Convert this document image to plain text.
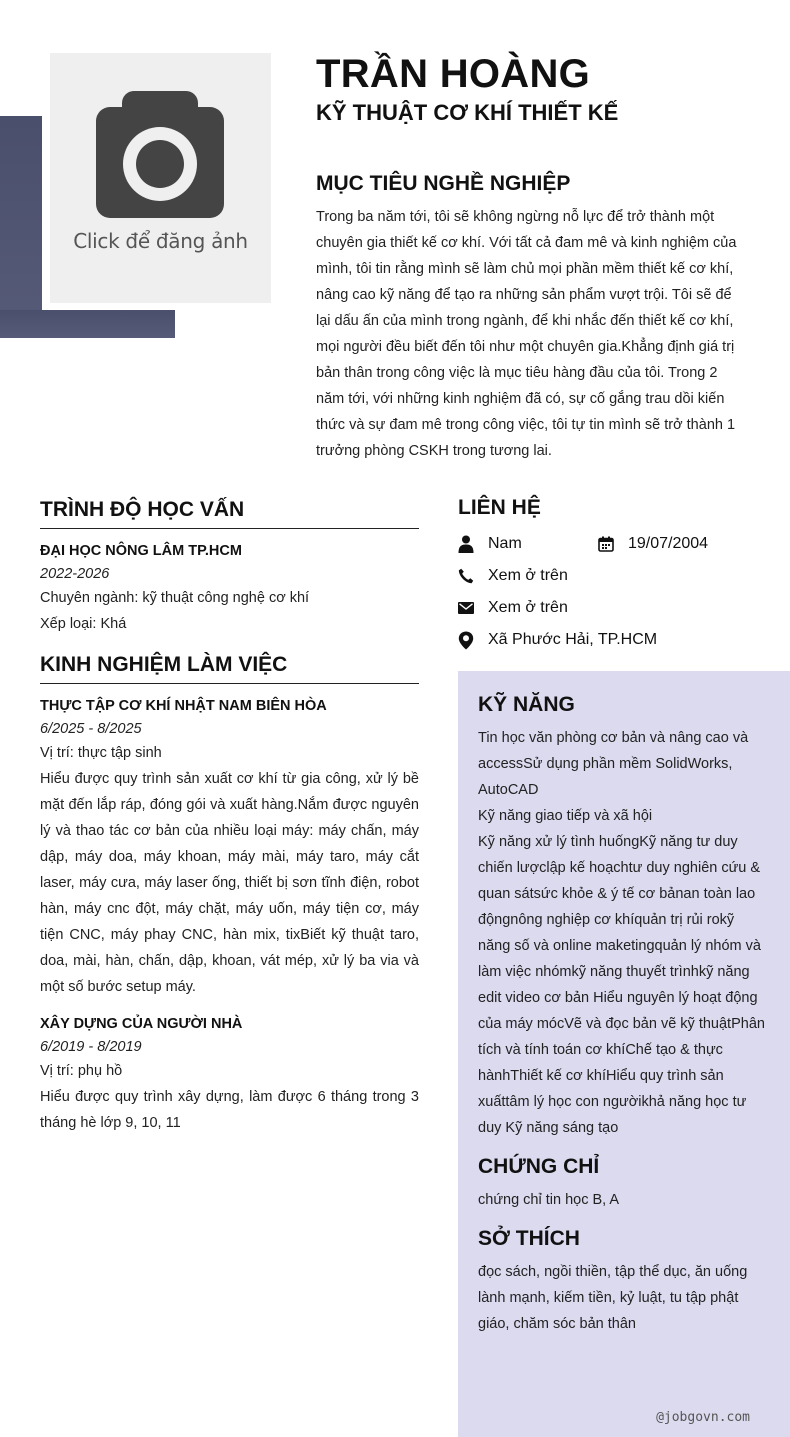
Click để đăng ảnh
TRẦN HOÀNG
KỸ THUẬT CƠ KHÍ THIẾT KẾ
MỤC TIÊU NGHỀ NGHIỆP

Trong ba năm tới, tôi sẽ không ngừng nỗ lực để trở thành một chuyên gia thiết kế cơ khí. Với tất cả đam mê và kinh nghiệm của mình, tôi tin rằng mình sẽ làm chủ mọi phần mềm thiết kế cơ khí, nâng cao kỹ năng để tạo ra những sản phẩm vượt trội. Tôi sẽ để lại dấu ấn của mình trong ngành, để khi nhắc đến thiết kế cơ khí, mọi người đều biết đến tôi như một chuyên gia.Khẳng định giá trị bản thân trong công việc là mục tiêu hàng đầu của tôi. Trong 2 năm tới, với những kinh nghiệm đã có, sự cố gắng trau dồi kiến thức và sự đam mê trong công việc, tôi tự tin mình sẽ trở thành 1 trưởng phòng CSKH trong tương lai.

TRÌNH ĐỘ HỌC VẤN
ĐẠI HỌC NÔNG LÂM TP.HCM
2022-2026
Chuyên ngành: kỹ thuật công nghệ cơ khí
Xếp loại: Khá
KINH NGHIỆM LÀM VIỆC
THỰC TẬP CƠ KHÍ NHẬT NAM BIÊN HÒA
6/2025 - 8/2025
Vị trí: thực tập sinh
Hiểu được quy trình sản xuất cơ khí từ gia công, xử lý bề mặt đến lắp ráp, đóng gói và xuất hàng.Nắm được nguyên lý và thao tác cơ bản của nhiều loại máy: máy chấn, máy dập, máy doa, máy khoan, máy mài, máy taro, máy cắt laser, máy cưa, máy laser ống, thiết bị sơn tĩnh điện, robot hàn, máy cnc đột, máy chặt, máy uốn, máy tiện cơ, máy tiện CNC, máy phay CNC, hàn mix, tixBiết kỹ thuật taro, doa, mài, hàn, chấn, dập, khoan, vát mép, xử lý ba via và một số bước setup máy.
XÂY DỰNG CỦA NGƯỜI NHÀ
6/2019 - 8/2019
Vị trí: phụ hồ
Hiểu được quy trình xây dựng, làm được 6 tháng trong 3 tháng hè lớp 9, 10, 11
LIÊN HỆ
Nam	19/07/2004
Xem ở trên
Xem ở trên
Xã Phước Hải, TP.HCM
KỸ NĂNG
Tin học văn phòng cơ bản và nâng cao và accessSử dụng phần mềm SolidWorks, AutoCAD
Kỹ năng giao tiếp và xã hội
Kỹ năng xử lý tình huốngKỹ năng tư duy chiến lượclập kế hoạchtư duy nghiên cứu & quan sátsức khỏe & ý tế cơ bảnan toàn lao độngnông nghiệp cơ khíquản trị rủi rokỹ năng số và online maketingquản lý nhóm và làm việc nhómkỹ năng thuyết trìnhkỹ năng edit video cơ bản Hiểu nguyên lý hoạt động của máy mócVẽ và đọc bản vẽ kỹ thuậtPhân tích và tính toán cơ khíChế tạo & thực hànhThiết kế cơ khíHiểu quy trình sản xuấttâm lý học con ngườikhả năng học tư duy Kỹ năng sáng tạo
CHỨNG CHỈ
chứng chỉ tin học B, A
SỞ THÍCH
đọc sách, ngồi thiền, tập thể dục, ăn uống lành mạnh, kiếm tiền, kỷ luật, tu tập phật giáo, chăm sóc bản thân
@jobgovn.com
